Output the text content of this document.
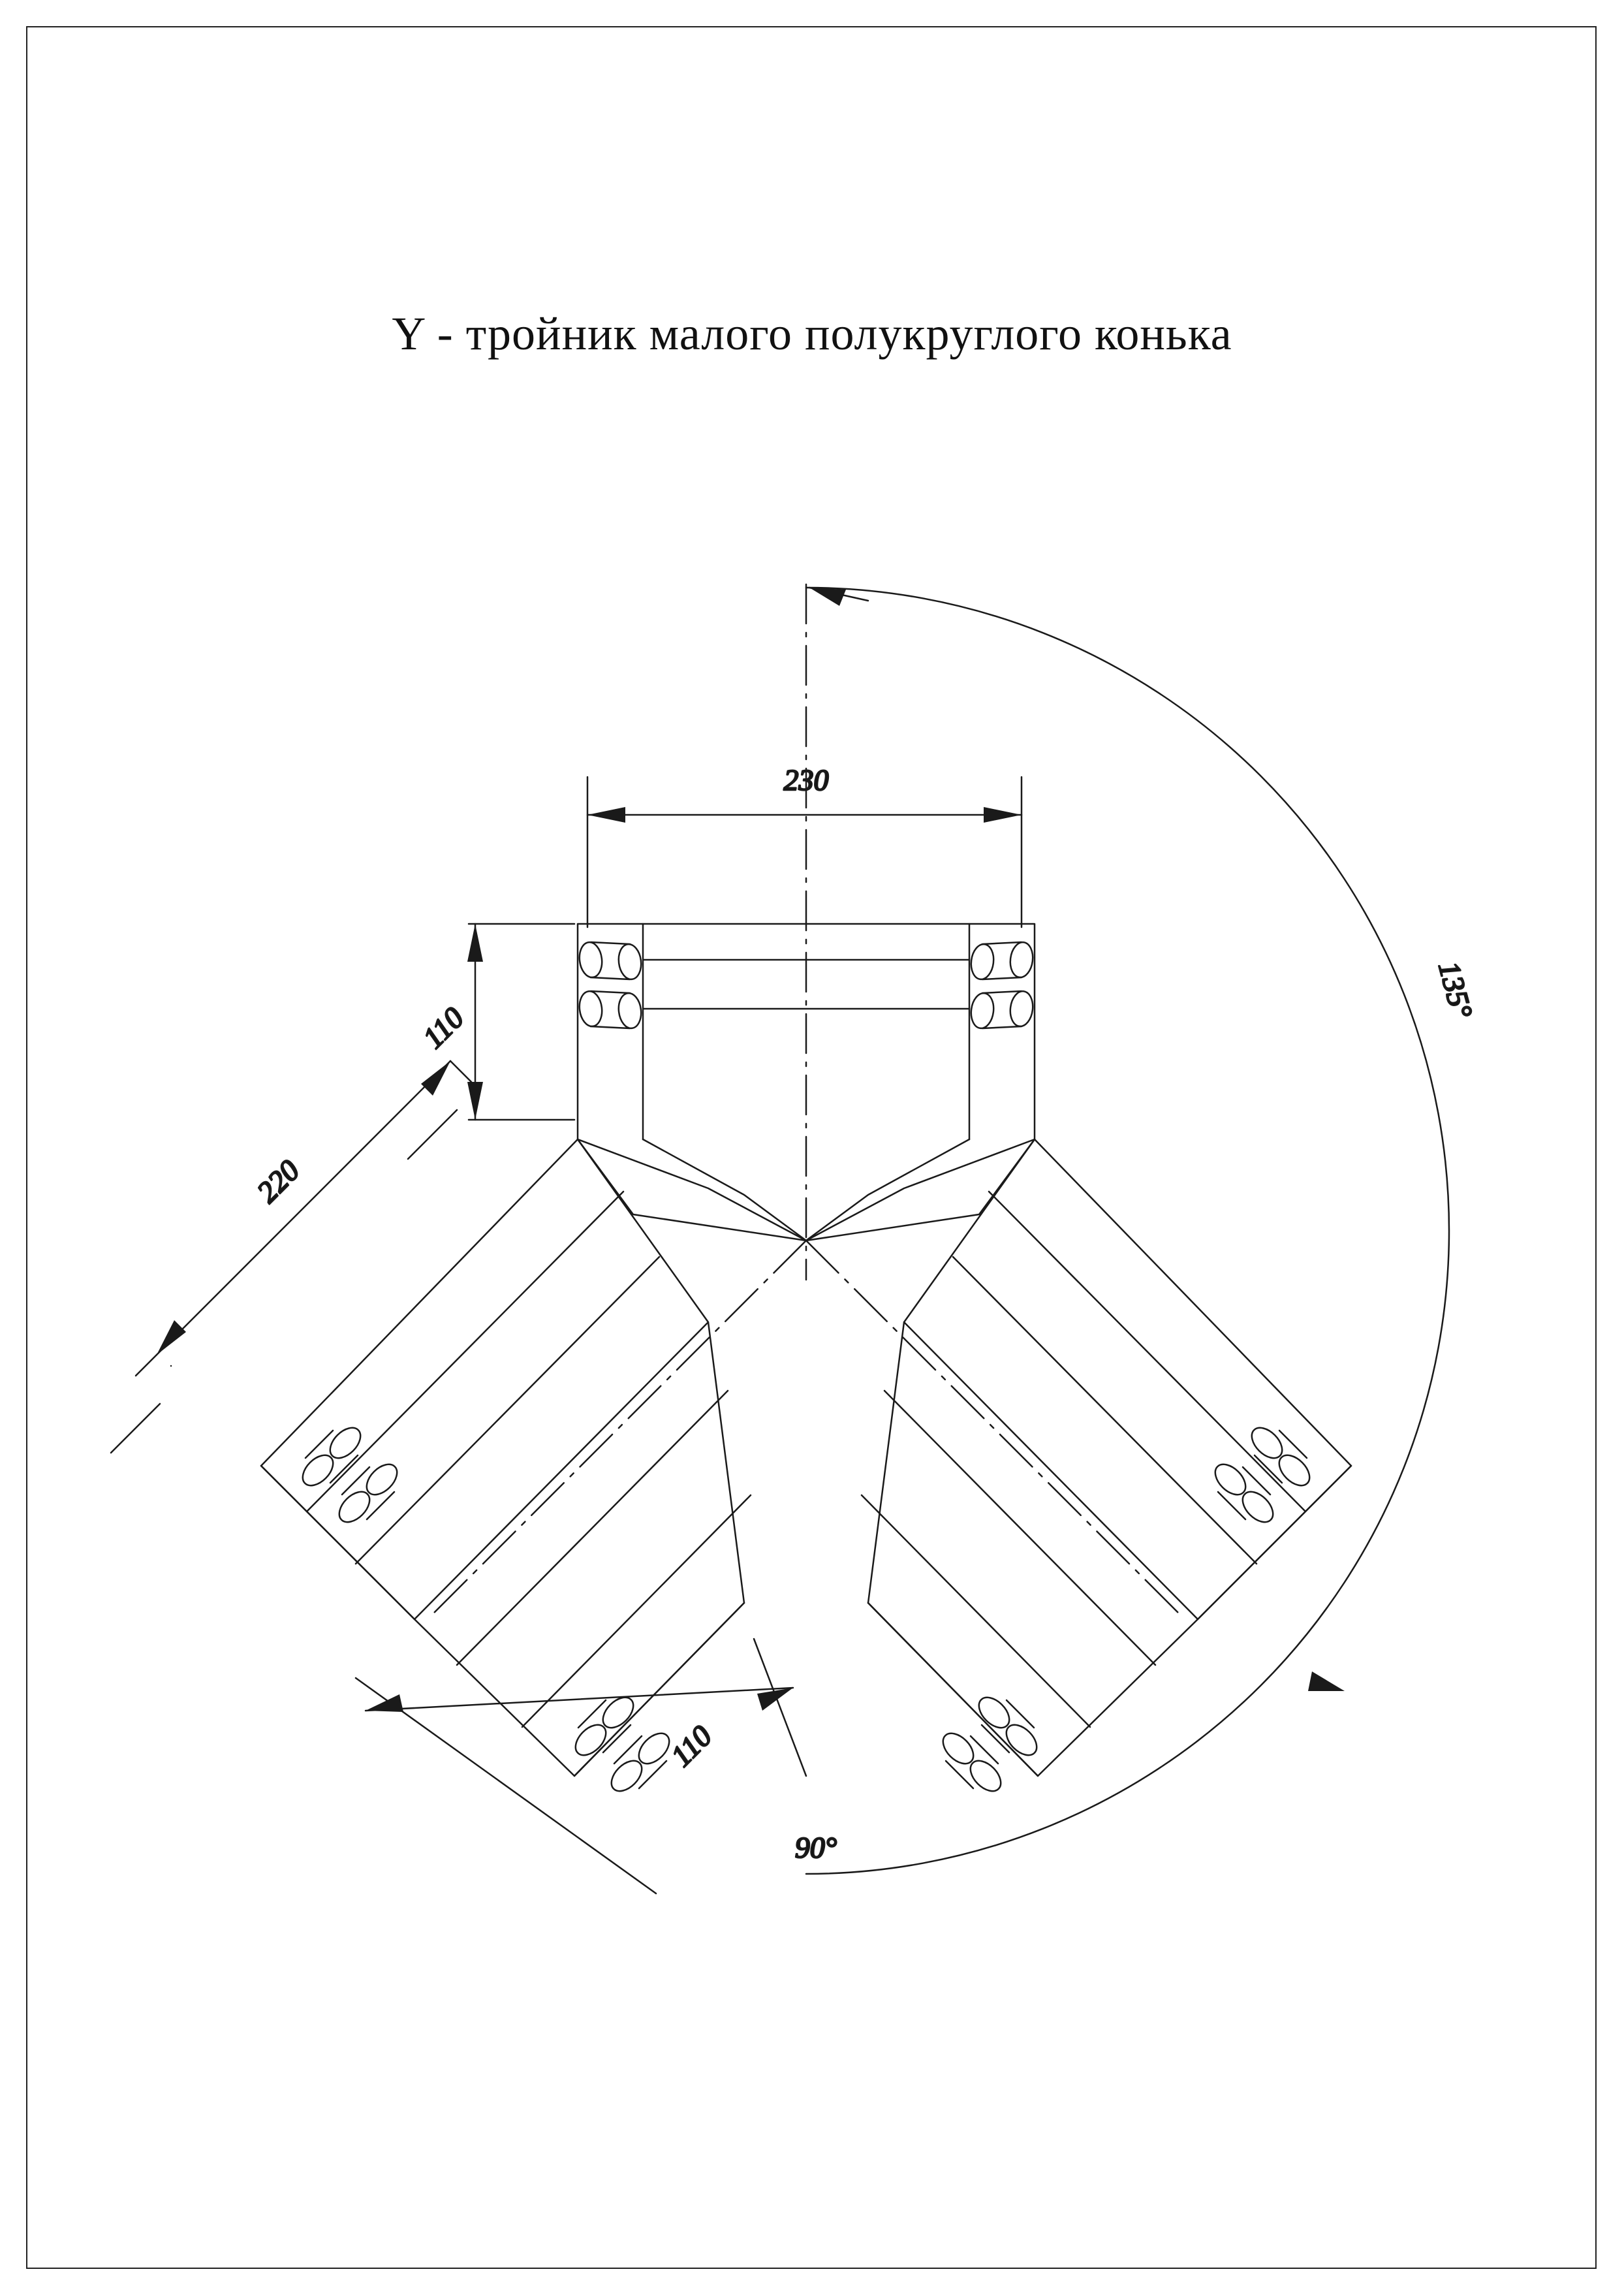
Y - тройник малого полукруглого конька
230
110
220
110
90°
135°
